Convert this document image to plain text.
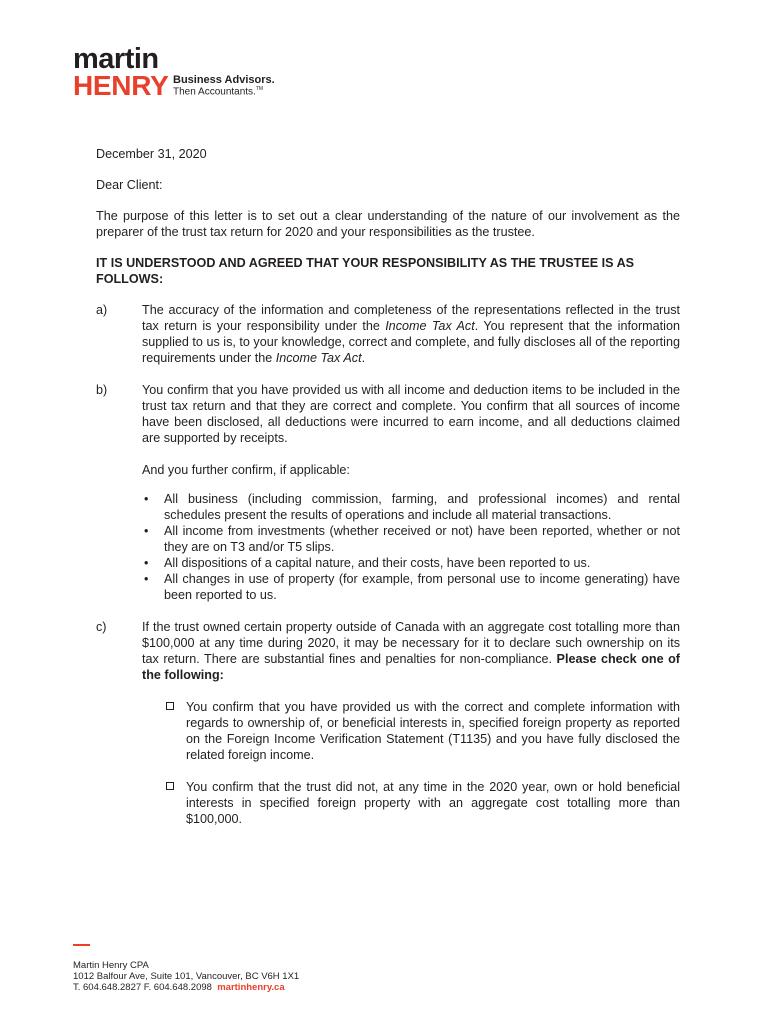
martin
HENRY Business Advisors.
Then Accountants.™

December 31, 2020

Dear Client:

The purpose of this letter is to set out a clear understanding of the nature of our involvement as the preparer of the trust tax return for 2020 and your responsibilities as the trustee.

IT IS UNDERSTOOD AND AGREED THAT YOUR RESPONSIBILITY AS THE TRUSTEE IS AS FOLLOWS:

a)	The accuracy of the information and completeness of the representations reflected in the trust tax return is your responsibility under the Income Tax Act. You represent that the information supplied to us is, to your knowledge, correct and complete, and fully discloses all of the reporting requirements under the Income Tax Act.
b)	You confirm that you have provided us with all income and deduction items to be included in the trust tax return and that they are correct and complete. You confirm that all sources of income have been disclosed, all deductions were incurred to earn income, and all deductions claimed are supported by receipts.
And you further confirm, if applicable:
• All business (including commission, farming, and professional incomes) and rental schedules present the results of operations and include all material transactions.
• All income from investments (whether received or not) have been reported, whether or not they are on T3 and/or T5 slips.
• All dispositions of a capital nature, and their costs, have been reported to us.
• All changes in use of property (for example, from personal use to income generating) have been reported to us.
c)	If the trust owned certain property outside of Canada with an aggregate cost totalling more than $100,000 at any time during 2020, it may be necessary for it to declare such ownership on its tax return. There are substantial fines and penalties for non-compliance. Please check one of the following:
You confirm that you have provided us with the correct and complete information with regards to ownership of, or beneficial interests in, specified foreign property as reported on the Foreign Income Verification Statement (T1135) and you have fully disclosed the related foreign income.
You confirm that the trust did not, at any time in the 2020 year, own or hold beneficial interests in specified foreign property with an aggregate cost totalling more than $100,000.
Martin Henry CPA
1012 Balfour Ave, Suite 101, Vancouver, BC V6H 1X1
T. 604.648.2827 F. 604.648.2098 martinhenry.ca
